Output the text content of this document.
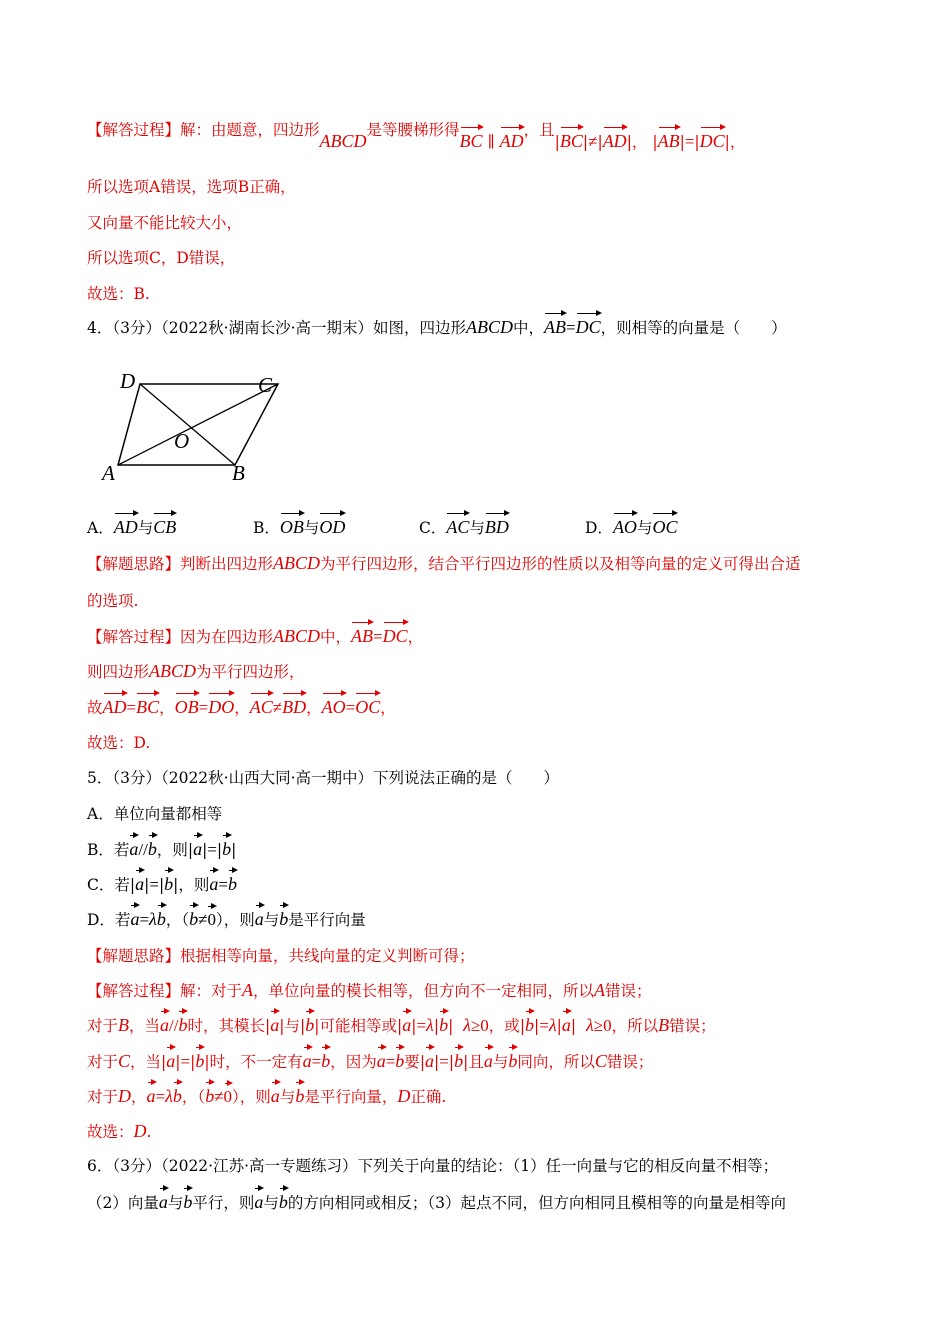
【解答过程】解：由题意，四边形ABCD是等腰梯形得BC ∥ AD，且|BC|≠|AD|， |AB|=|DC|，
所以选项A错误，选项B正确，
又向量不能比较大小，
所以选项C，D错误，
故选：B.
4．（3分）（2022秋·湖南长沙·高一期末）如图，四边形ABCD中，AB=DC，则相等的向量是（　　）
D	C
O
A	B
A．AD与CB	B．OB与OD	C．AC与BD	D．AO与OC
【解题思路】判断出四边形ABCD为平行四边形，结合平行四边形的性质以及相等向量的定义可得出合适
的选项.
【解答过程】因为在四边形ABCD中，AB=DC，
则四边形ABCD为平行四边形，
故AD=BC，OB=DO，AC≠BD，AO=OC，
故选：D.
5．（3分）（2022秋·山西大同·高一期中）下列说法正确的是（　　）
A．单位向量都相等
B．若a//b，则|a|=|b|
C．若|a|=|b|，则a=b
D．若a=λb，（b≠0），则a与b是平行向量
【解题思路】根据相等向量，共线向量的定义判断可得；
【解答过程】解：对于A，单位向量的模长相等，但方向不一定相同，所以A错误；
对于B，当a//b时，其模长|a|与|b|可能相等或|a|=λ|b| λ≥0，或|b|=λ|a| λ≥0，所以B错误；
对于C，当|a|=|b|时，不一定有a=b，因为a=b要|a|=|b|且a与b同向，所以C错误；
对于D，a=λb，（b≠0），则a与b是平行向量，D正确.
故选：D.
6．（3分）（2022·江苏·高一专题练习）下列关于向量的结论：（1）任一向量与它的相反向量不相等；
（2）向量a与b平行，则a与b的方向相同或相反；（3）起点不同，但方向相同且模相等的向量是相等向
